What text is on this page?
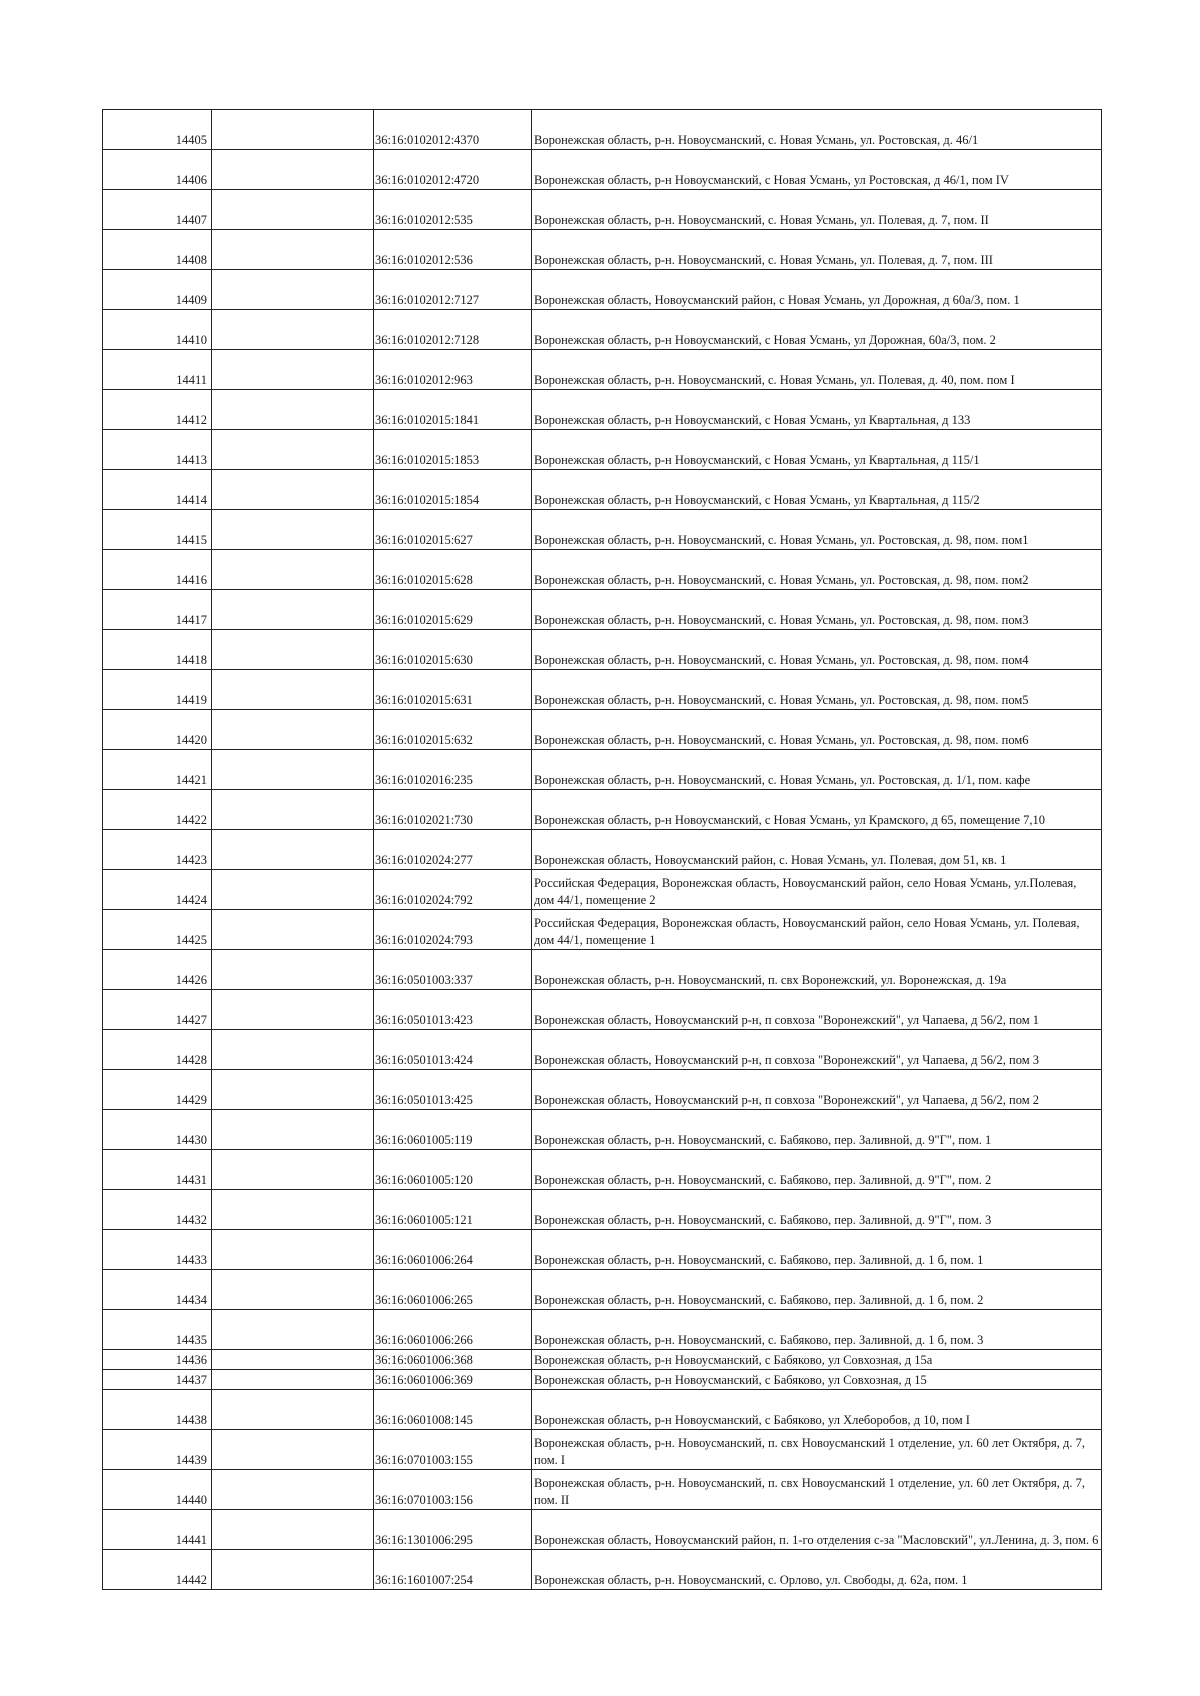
14405		36:16:0102012:4370	Воронежская область, р-н. Новоусманский, с. Новая Усмань, ул. Ростовская, д. 46/1
14406		36:16:0102012:4720	Воронежская область, р-н Новоусманский, с Новая Усмань, ул Ростовская, д 46/1, пом IV
14407		36:16:0102012:535	Воронежская область, р-н. Новоусманский, с. Новая Усмань, ул. Полевая, д. 7, пом. II
14408		36:16:0102012:536	Воронежская область, р-н. Новоусманский, с. Новая Усмань, ул. Полевая, д. 7, пом. III
14409		36:16:0102012:7127	Воронежская область, Новоусманский район, с Новая Усмань, ул Дорожная, д 60а/3, пом. 1
14410		36:16:0102012:7128	Воронежская область, р-н Новоусманский, с Новая Усмань, ул Дорожная, 60а/3, пом. 2
14411		36:16:0102012:963	Воронежская область, р-н. Новоусманский, с. Новая Усмань, ул. Полевая, д. 40, пом. пом I
14412		36:16:0102015:1841	Воронежская область, р-н Новоусманский, с Новая Усмань, ул Квартальная, д 133
14413		36:16:0102015:1853	Воронежская область, р-н Новоусманский, с Новая Усмань, ул Квартальная, д 115/1
14414		36:16:0102015:1854	Воронежская область, р-н Новоусманский, с Новая Усмань, ул Квартальная, д 115/2
14415		36:16:0102015:627	Воронежская область, р-н. Новоусманский, с. Новая Усмань, ул. Ростовская, д. 98, пом. пом1
14416		36:16:0102015:628	Воронежская область, р-н. Новоусманский, с. Новая Усмань, ул. Ростовская, д. 98, пом. пом2
14417		36:16:0102015:629	Воронежская область, р-н. Новоусманский, с. Новая Усмань, ул. Ростовская, д. 98, пом. пом3
14418		36:16:0102015:630	Воронежская область, р-н. Новоусманский, с. Новая Усмань, ул. Ростовская, д. 98, пом. пом4
14419		36:16:0102015:631	Воронежская область, р-н. Новоусманский, с. Новая Усмань, ул. Ростовская, д. 98, пом. пом5
14420		36:16:0102015:632	Воронежская область, р-н. Новоусманский, с. Новая Усмань, ул. Ростовская, д. 98, пом. пом6
14421		36:16:0102016:235	Воронежская область, р-н. Новоусманский, с. Новая Усмань, ул. Ростовская, д. 1/1, пом. кафе
14422		36:16:0102021:730	Воронежская область, р-н Новоусманский, с Новая Усмань, ул Крамского, д 65, помещение 7,10
14423		36:16:0102024:277	Воронежская область, Новоусманский район, с. Новая Усмань, ул. Полевая, дом 51, кв. 1
14424		36:16:0102024:792	Российская Федерация, Воронежская область, Новоусманский район, село Новая Усмань, ул.Полевая, дом 44/1, помещение 2
14425		36:16:0102024:793	Российская Федерация, Воронежская область, Новоусманский район, село Новая Усмань, ул. Полевая, дом 44/1, помещение 1
14426		36:16:0501003:337	Воронежская область, р-н. Новоусманский, п. свх Воронежский, ул. Воронежская, д. 19а
14427		36:16:0501013:423	Воронежская область, Новоусманский р-н, п совхоза "Воронежский", ул Чапаева, д 56/2, пом 1
14428		36:16:0501013:424	Воронежская область, Новоусманский р-н, п совхоза "Воронежский", ул Чапаева, д 56/2, пом 3
14429		36:16:0501013:425	Воронежская область, Новоусманский р-н, п совхоза "Воронежский", ул Чапаева, д 56/2, пом 2
14430		36:16:0601005:119	Воронежская область, р-н. Новоусманский, с. Бабяково, пер. Заливной, д. 9"Г", пом. 1
14431		36:16:0601005:120	Воронежская область, р-н. Новоусманский, с. Бабяково, пер. Заливной, д. 9"Г", пом. 2
14432		36:16:0601005:121	Воронежская область, р-н. Новоусманский, с. Бабяково, пер. Заливной, д. 9"Г", пом. 3
14433		36:16:0601006:264	Воронежская область, р-н. Новоусманский, с. Бабяково, пер. Заливной, д. 1 б, пом. 1
14434		36:16:0601006:265	Воронежская область, р-н. Новоусманский, с. Бабяково, пер. Заливной, д. 1 б, пом. 2
14435		36:16:0601006:266	Воронежская область, р-н. Новоусманский, с. Бабяково, пер. Заливной, д. 1 б, пом. 3
14436		36:16:0601006:368	Воронежская область, р-н Новоусманский, с Бабяково, ул Совхозная, д 15а
14437		36:16:0601006:369	Воронежская область, р-н Новоусманский, с Бабяково, ул Совхозная, д 15
14438		36:16:0601008:145	Воронежская область, р-н Новоусманский, с Бабяково, ул Хлеборобов, д 10, пом I
14439		36:16:0701003:155	Воронежская область, р-н. Новоусманский, п. свх Новоусманский 1 отделение, ул. 60 лет Октября, д. 7, пом. I
14440		36:16:0701003:156	Воронежская область, р-н. Новоусманский, п. свх Новоусманский 1 отделение, ул. 60 лет Октября, д. 7, пом. II
14441		36:16:1301006:295	Воронежская область, Новоусманский район, п. 1-го отделения с-за "Масловский", ул.Ленина, д. 3, пом. 6
14442		36:16:1601007:254	Воронежская область, р-н. Новоусманский, с. Орлово, ул. Свободы, д. 62а, пом. 1
